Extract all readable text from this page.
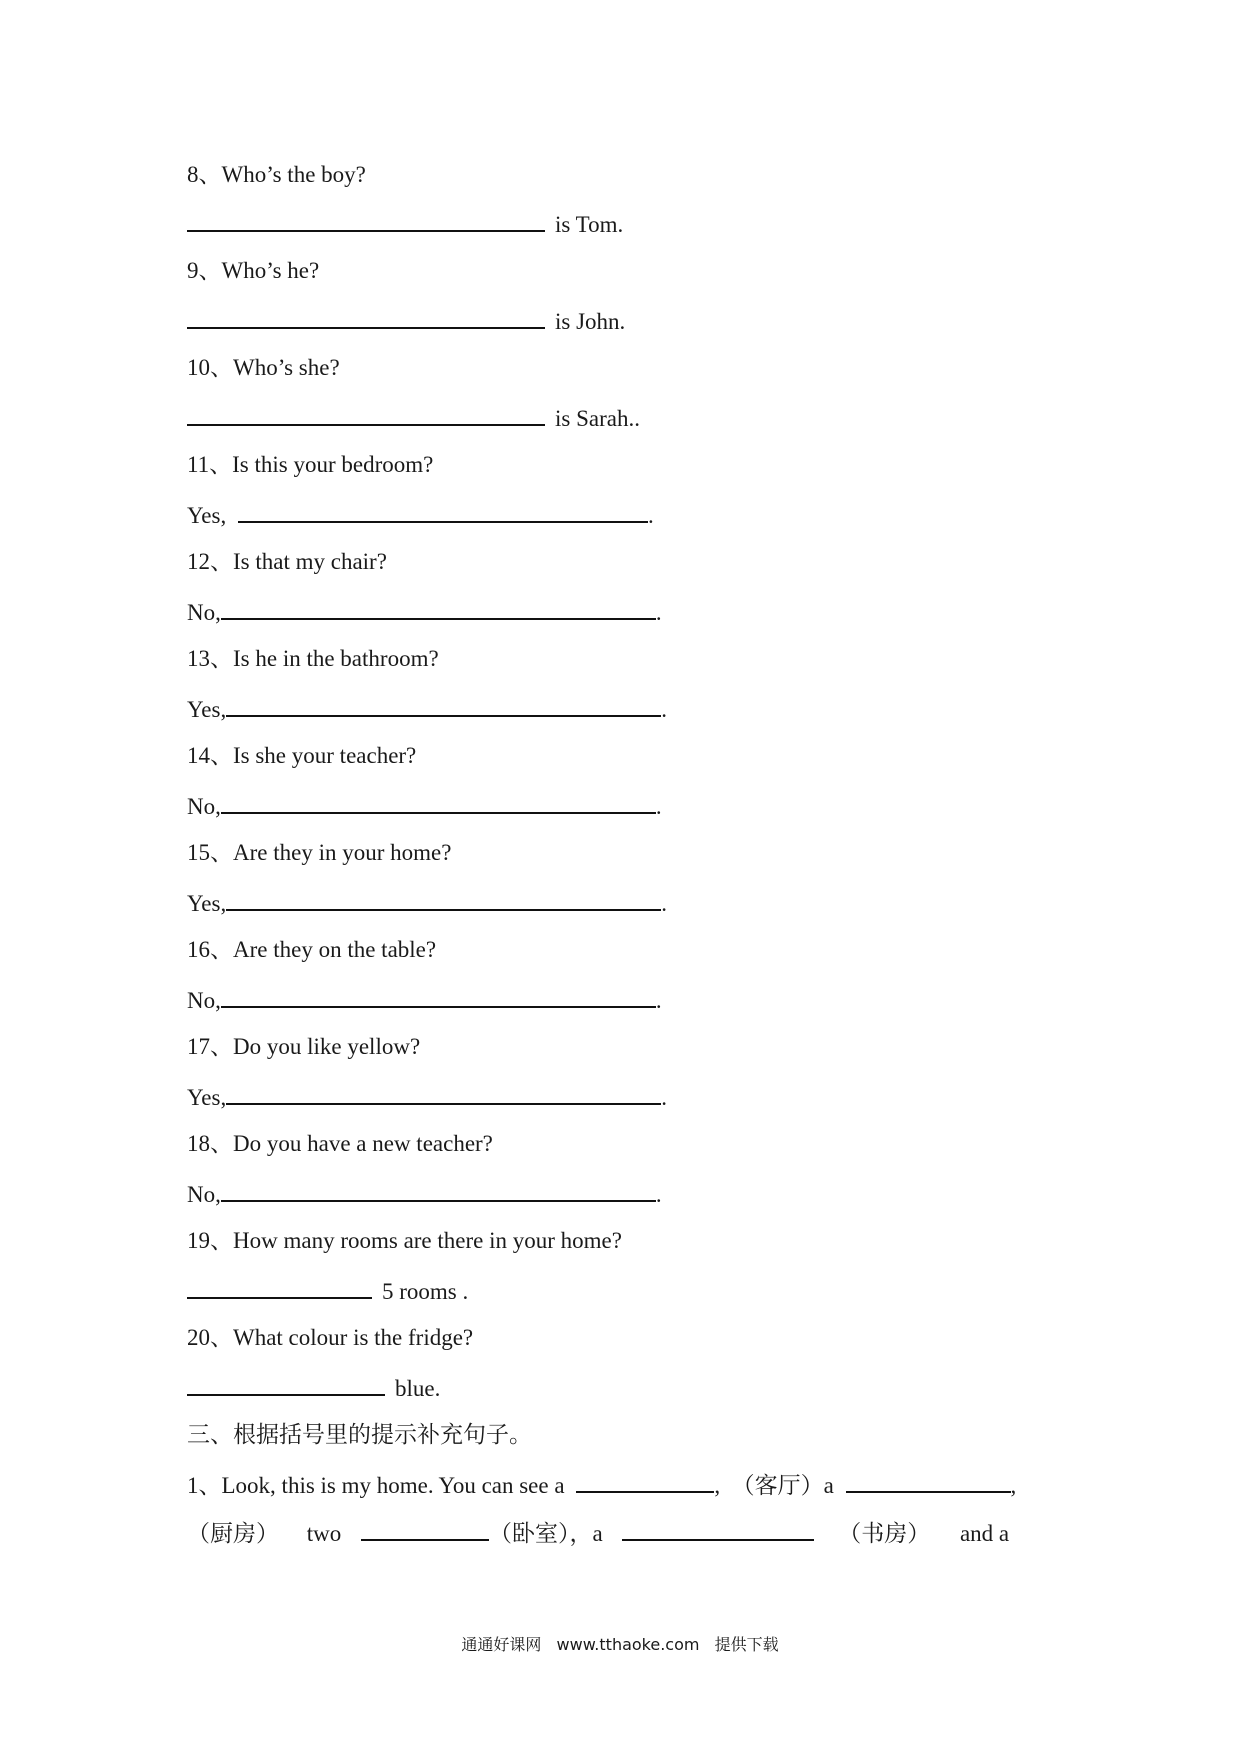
8、Who’s the boy?
is Tom.
9、Who’s he?
is John.
10、Who’s she?
is Sarah..
11、Is this your bedroom?
Yes,	.
12、Is that my chair?
No,	.
13、Is he in the bathroom?
Yes,	.
14、Is she your teacher?
No,	.
15、Are they in your home?
Yes,	.
16、Are they on the table?
No,	.
17、Do you like yellow?
Yes,	.
18、Do you have a new teacher?
No,	.
19、How many rooms are there in your home?
5 rooms .
20、What colour is the fridge?
blue.
三、根据括号里的提示补充句子。
1、Look, this is my home. You can see a	,  （客厅）a	,
（厨房） two	（卧室），a	（书房） and a
通通好课网 www.tthaoke.com 提供下载
